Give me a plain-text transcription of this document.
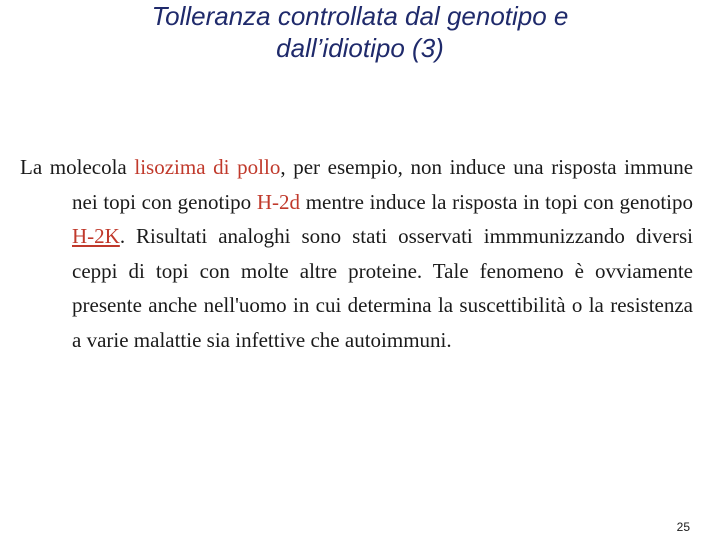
Tolleranza controllata dal genotipo e
dall’idiotipo (3)

La molecola lisozima di pollo, per esempio, non induce una risposta immune nei topi con genotipo H-2d mentre induce la risposta in topi con genotipo H-2K. Risultati analoghi sono stati osservati immmunizzando diversi ceppi di topi con molte altre proteine. Tale fenomeno è ovviamente presente anche nell'uomo in cui determina la suscettibilità o la resistenza a varie malattie sia infettive che autoimmuni.

25
